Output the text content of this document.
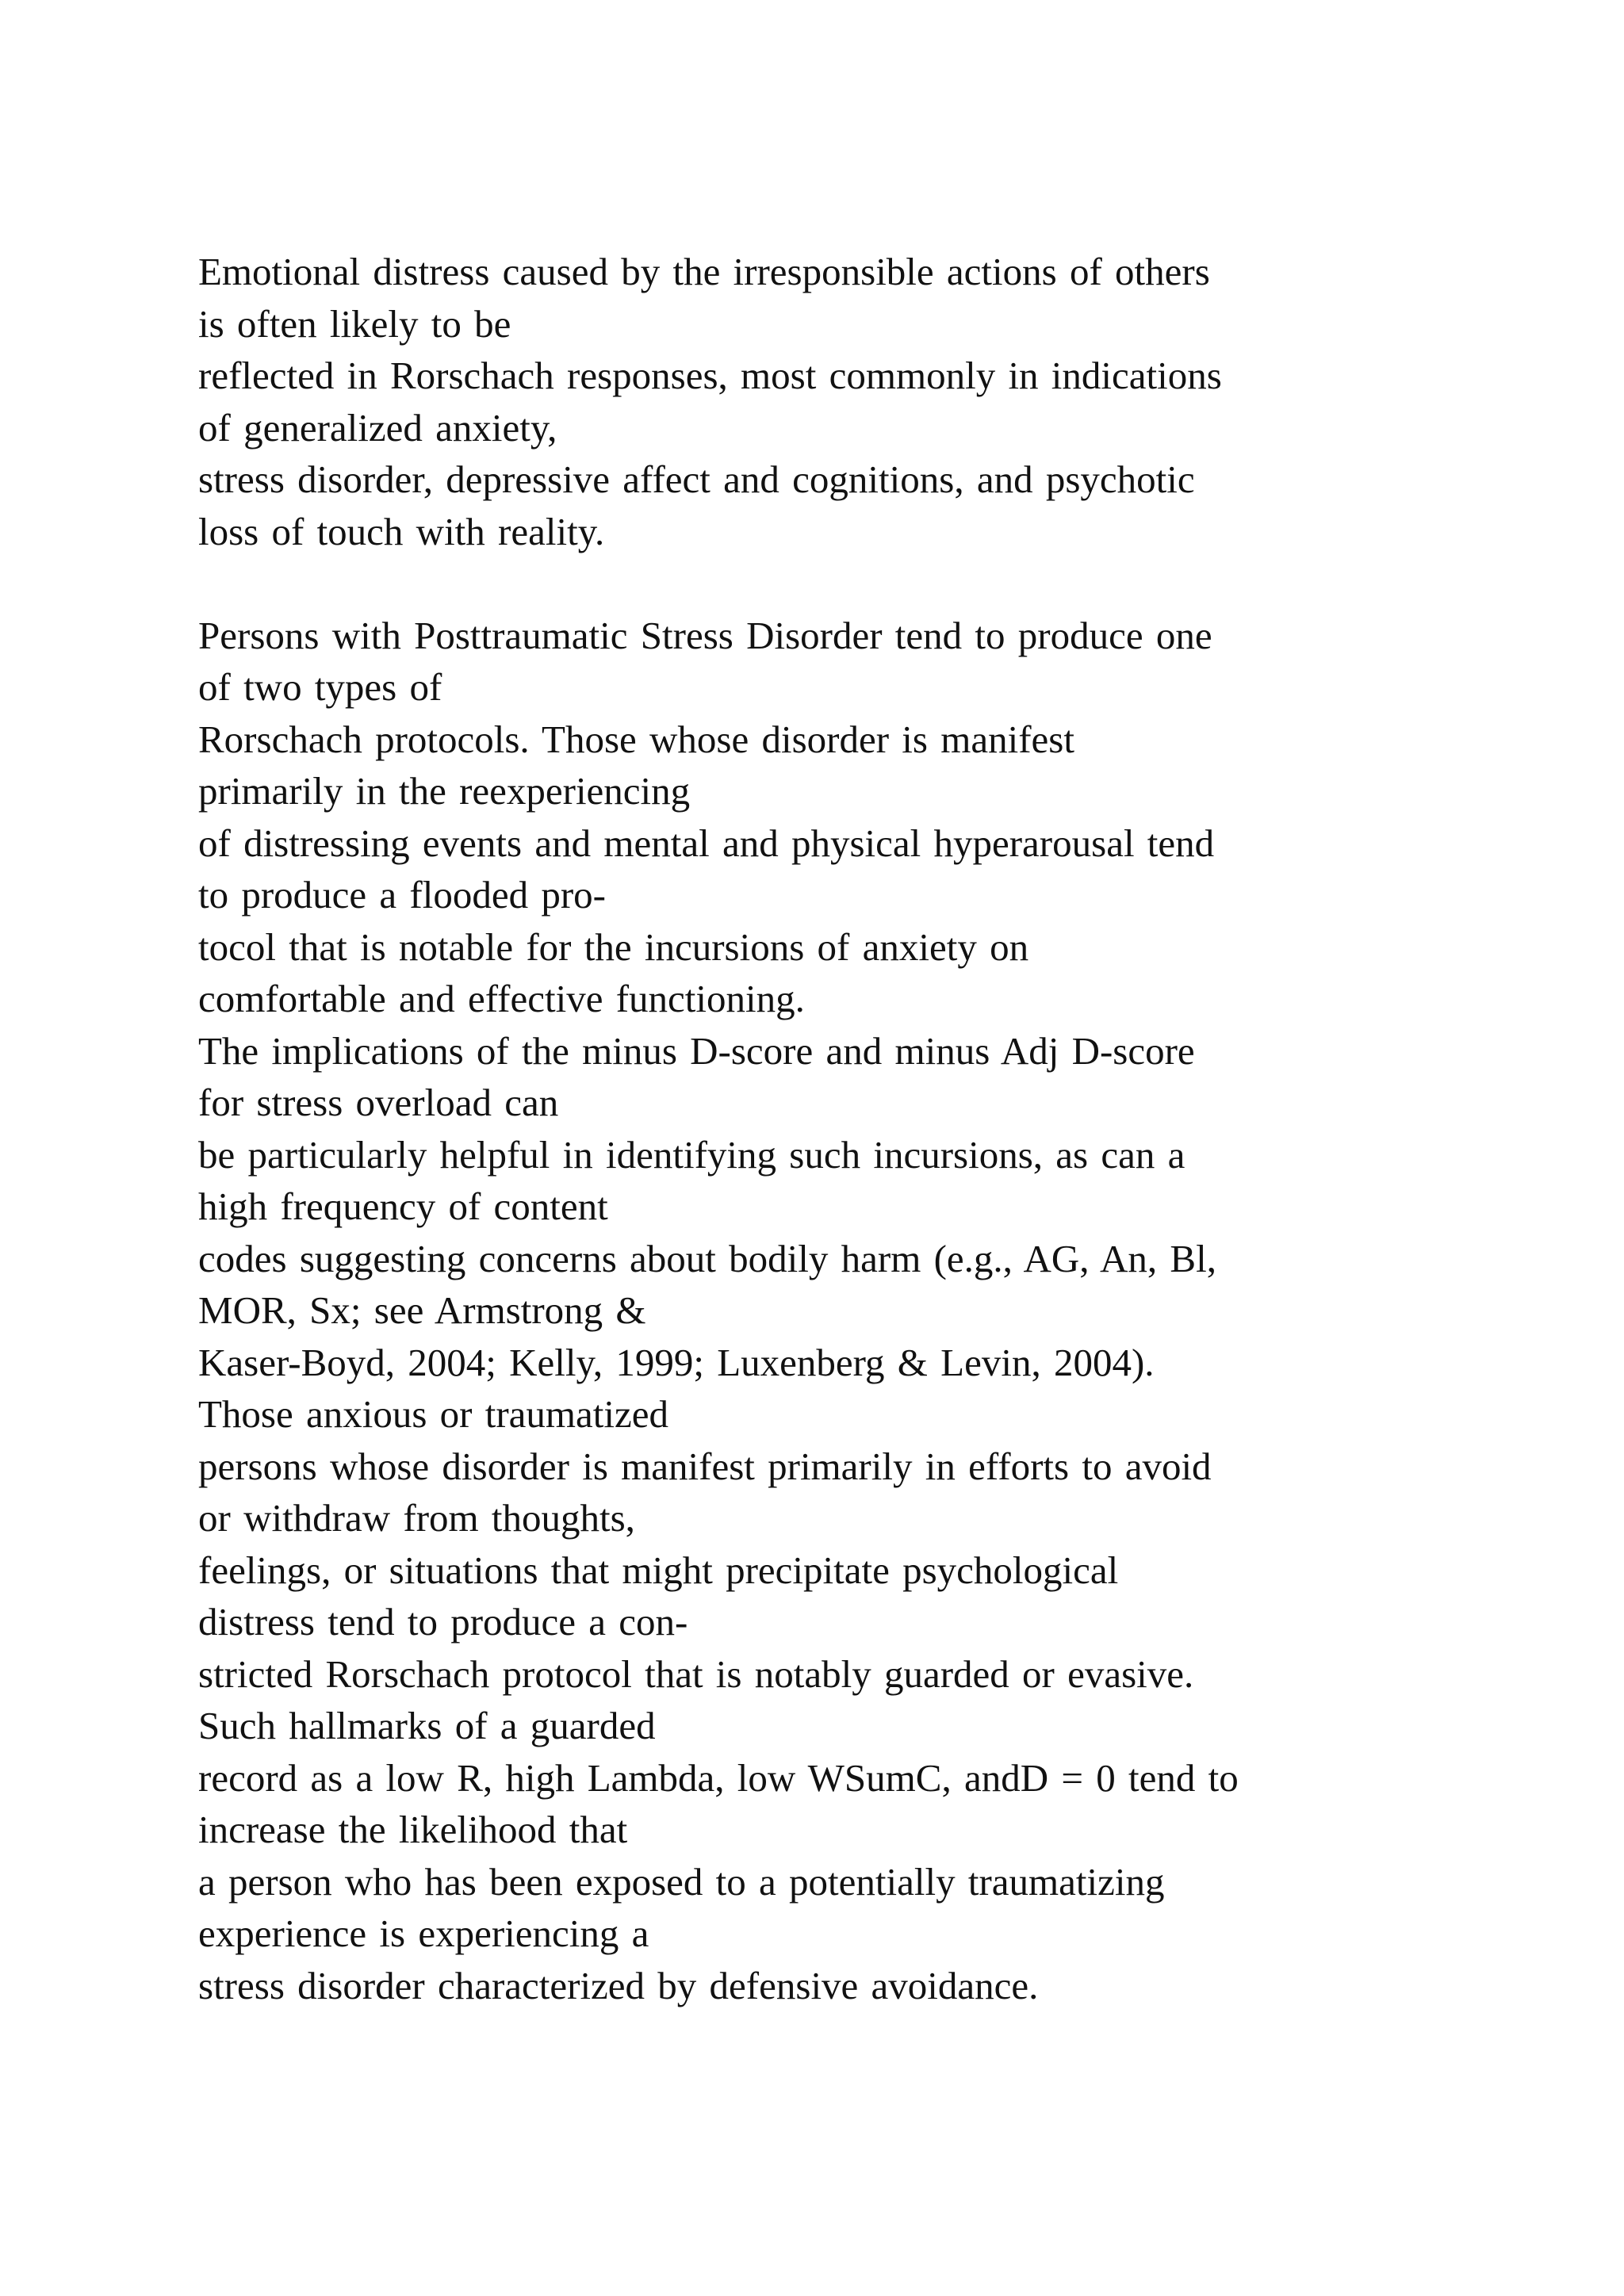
Emotional distress caused by the irresponsible actions of others
is often likely to be
reflected in Rorschach responses, most commonly in indications
of generalized anxiety,
stress disorder, depressive affect and cognitions, and psychotic
loss of touch with reality.
Persons with Posttraumatic Stress Disorder tend to produce one
of two types of
Rorschach protocols. Those whose disorder is manifest
primarily in the reexperiencing
of distressing events and mental and physical hyperarousal tend
to produce a flooded pro-
tocol that is notable for the incursions of anxiety on
comfortable and effective functioning.
The implications of the minus D-score and minus Adj D-score
for stress overload can
be particularly helpful in identifying such incursions, as can a
high frequency of content
codes suggesting concerns about bodily harm (e.g., AG, An, Bl,
MOR, Sx; see Armstrong &
Kaser-Boyd, 2004; Kelly, 1999; Luxenberg & Levin, 2004).
Those anxious or traumatized
persons whose disorder is manifest primarily in efforts to avoid
or withdraw from thoughts,
feelings, or situations that might precipitate psychological
distress tend to produce a con-
stricted Rorschach protocol that is notably guarded or evasive.
Such hallmarks of a guarded
record as a low R, high Lambda, low WSumC, andD = 0 tend to
increase the likelihood that
a person who has been exposed to a potentially traumatizing
experience is experiencing a
stress disorder characterized by defensive avoidance.
